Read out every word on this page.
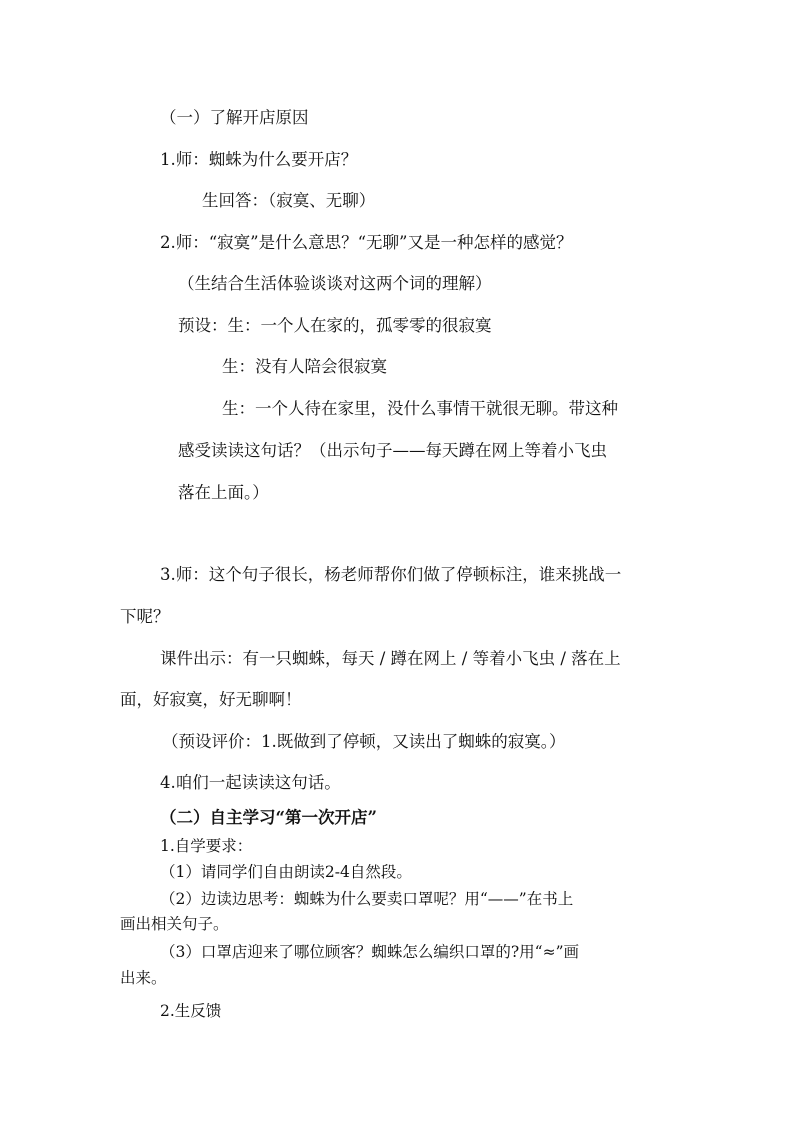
（一）了解开店原因
1.师：蜘蛛为什么要开店？
生回答：（寂寞、无聊）
2.师：“寂寞”是什么意思？“无聊”又是一种怎样的感觉？
（生结合生活体验谈谈对这两个词的理解）
预设：生：一个人在家的，孤零零的很寂寞
生：没有人陪会很寂寞
生：一个人待在家里，没什么事情干就很无聊。带这种
感受读读这句话？（出示句子——每天蹲在网上等着小飞虫
落在上面。）
3.师：这个句子很长，杨老师帮你们做了停顿标注，谁来挑战一
下呢？
课件出示：有一只蜘蛛，每天 / 蹲在网上 / 等着小飞虫 / 落在上
面，好寂寞，好无聊啊！
（预设评价：1.既做到了停顿，又读出了蜘蛛的寂寞。）
4.咱们一起读读这句话。
（二）自主学习“第一次开店”
1.自学要求：
（1）请同学们自由朗读2-4自然段。
（2）边读边思考：蜘蛛为什么要卖口罩呢？用“——”在书上
画出相关句子。
（3）口罩店迎来了哪位顾客？蜘蛛怎么编织口罩的?用“≈”画
出来。
2.生反馈
